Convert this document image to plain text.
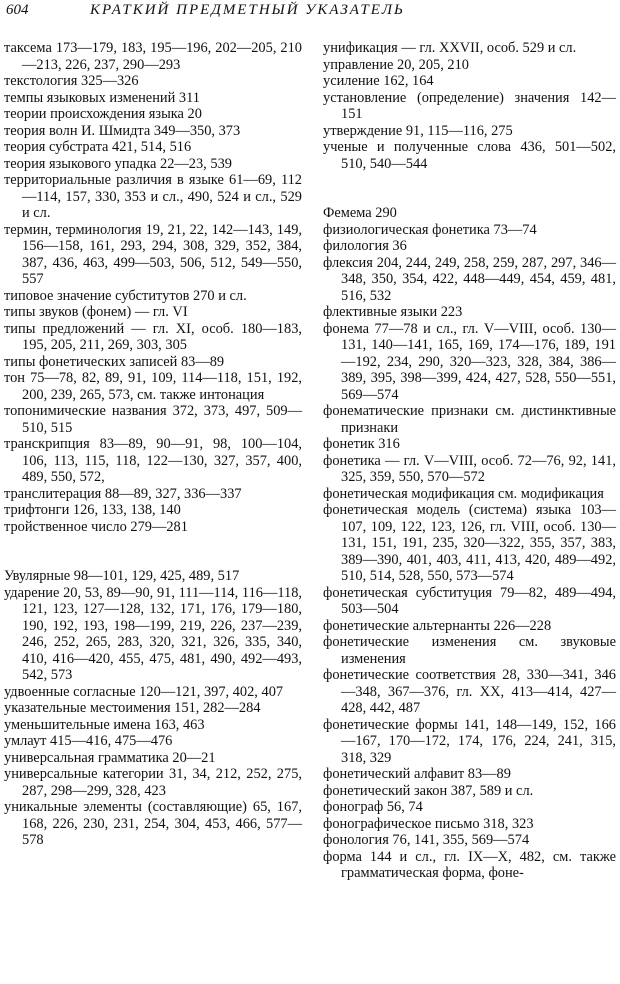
604	КРАТКИЙ ПРЕДМЕТНЫЙ УКАЗАТЕЛЬ
таксема 173—179, 183, 195—196, 202—205, 210—213, 226, 237, 290—293
текстология 325—326
темпы языковых изменений 311
теории происхождения языка 20
теория волн И. Шмидта 349—350, 373
теория субстрата 421, 514, 516
теория языкового упадка 22—23, 539
территориальные различия в языке 61—69, 112—114, 157, 330, 353 и сл., 490, 524 и сл., 529 и сл.
термин, терминология 19, 21, 22, 142—143, 149, 156—158, 161, 293, 294, 308, 329, 352, 384, 387, 436, 463, 499—503, 506, 512, 549—550, 557
типовое значение субститутов 270 и сл.
типы звуков (фонем) — гл. VI
типы предложений — гл. XI, особ. 180—183, 195, 205, 211, 269, 303, 305
типы фонетических записей 83—89
тон 75—78, 82, 89, 91, 109, 114—118, 151, 192, 200, 239, 265, 573, см. также интонация
топонимические названия 372, 373, 497, 509—510, 515
транскрипция 83—89, 90—91, 98, 100—104, 106, 113, 115, 118, 122—130, 327, 357, 400, 489, 550, 572,
транслитерация 88—89, 327, 336—337
трифтонги 126, 133, 138, 140
тройственное число 279—281
Увулярные 98—101, 129, 425, 489, 517
ударение 20, 53, 89—90, 91, 111—114, 116—118, 121, 123, 127—128, 132, 171, 176, 179—180, 190, 192, 193, 198—199, 219, 226, 237—239, 246, 252, 265, 283, 320, 321, 326, 335, 340, 410, 416—420, 455, 475, 481, 490, 492—493, 542, 573
удвоенные согласные 120—121, 397, 402, 407
указательные местоимения 151, 282—284
уменьшительные имена 163, 463
умлаут 415—416, 475—476
универсальная грамматика 20—21
универсальные категории 31, 34, 212, 252, 275, 287, 298—299, 328, 423
уникальные элементы (составляющие) 65, 167, 168, 226, 230, 231, 254, 304, 453, 466, 577—578
унификация — гл. XXVII, особ. 529 и сл.
управление 20, 205, 210
усиление 162, 164
установление (определение) значения 142—151
утверждение 91, 115—116, 275
ученые и полученные слова 436, 501—502, 510, 540—544
Фемема 290
физиологическая фонетика 73—74
филология 36
флексия 204, 244, 249, 258, 259, 287, 297, 346—348, 350, 354, 422, 448—449, 454, 459, 481, 516, 532
флективные языки 223
фонема 77—78 и сл., гл. V—VIII, особ. 130—131, 140—141, 165, 169, 174—176, 189, 191—192, 234, 290, 320—323, 328, 384, 386—389, 395, 398—399, 424, 427, 528, 550—551, 569—574
фонематические признаки см. дистинктивные признаки
фонетик 316
фонетика — гл. V—VIII, особ. 72—76, 92, 141, 325, 359, 550, 570—572
фонетическая модификация см. модификация
фонетическая модель (система) языка 103—107, 109, 122, 123, 126, гл. VIII, особ. 130—131, 151, 191, 235, 320—322, 355, 357, 383, 389—390, 401, 403, 411, 413, 420, 489—492, 510, 514, 528, 550, 573—574
фонетическая субституция 79—82, 489—494, 503—504
фонетические альтернанты 226—228
фонетические изменения см. звуковые изменения
фонетические соответствия 28, 330—341, 346—348, 367—376, гл. XX, 413—414, 427—428, 442, 487
фонетические формы 141, 148—149, 152, 166—167, 170—172, 174, 176, 224, 241, 315, 318, 329
фонетический алфавит 83—89
фонетический закон 387, 589 и сл.
фонограф 56, 74
фонографическое письмо 318, 323
фонология 76, 141, 355, 569—574
форма 144 и сл., гл. IX—X, 482, см. также грамматическая форма, фоне-
